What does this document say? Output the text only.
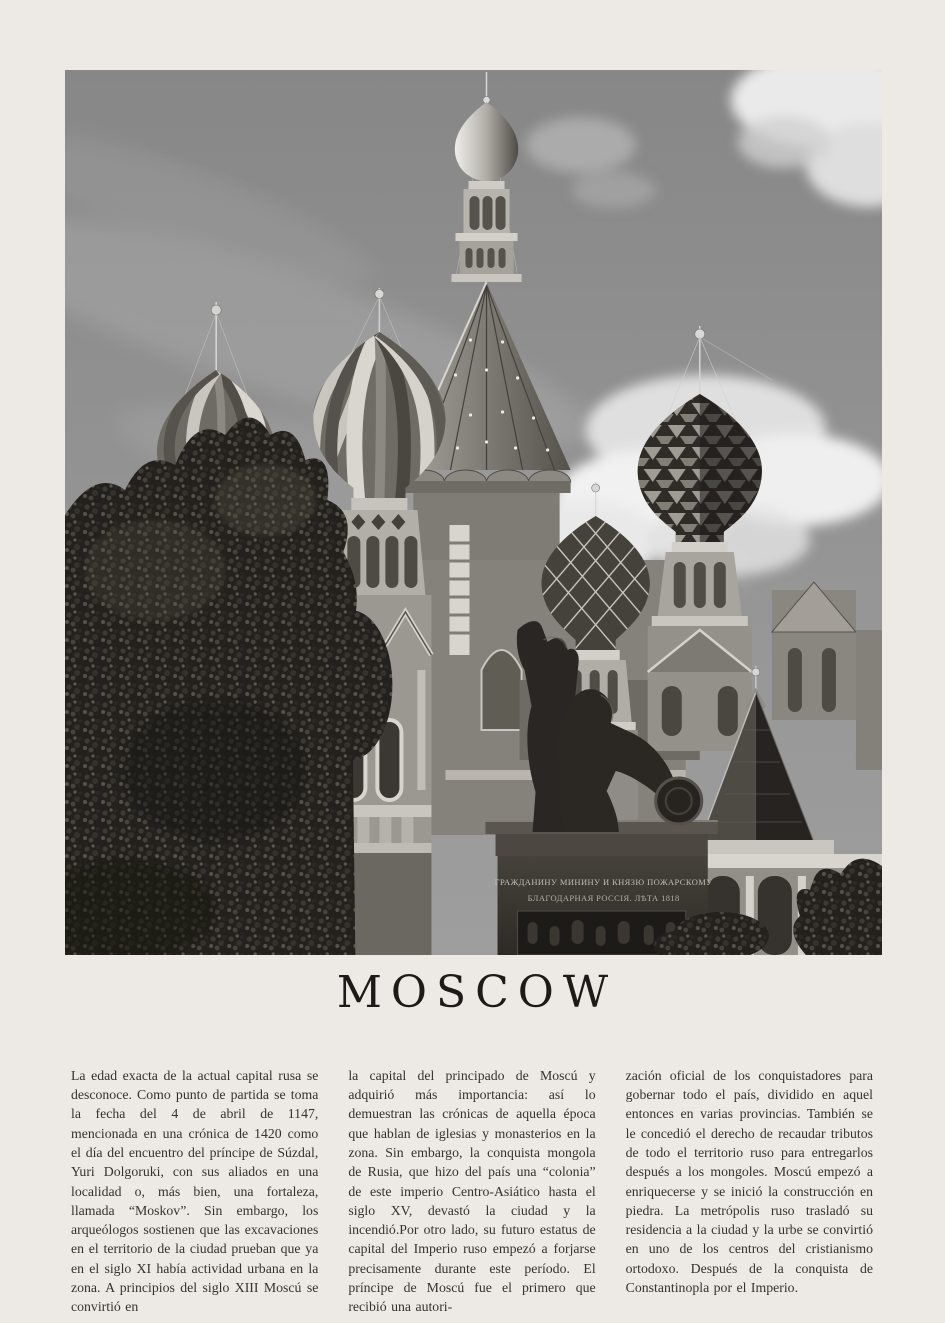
ГРАЖДАНИНУ МИНИНУ И КНЯЗЮ ПОЖАРСКОМУ
БЛАГОДАРНАЯ РОССІЯ. ЛѢТА 1818
MOSCOW

La edad exacta de la actual capital rusa se desconoce. Como punto de partida se toma la fecha del 4 de abril de 1147, mencionada en una crónica de 1420 como el día del encuentro del príncipe de Súzdal, Yuri Dolgoruki, con sus aliados en una localidad o, más bien, una fortaleza, llamada “Moskov”. Sin embargo, los arqueólogos sostienen que las excavaciones en el territorio de la ciudad prueban que ya en el siglo XI había actividad urbana en la zona. A principios del siglo XIII Moscú se convirtió en

la capital del principado de Moscú y adquirió más importancia: así lo demuestran las crónicas de aquella época que hablan de iglesias y monasterios en la zona. Sin embargo, la conquista mongola de Rusia, que hizo del país una “colonia” de este imperio Centro-Asiático hasta el siglo XV, devastó la ciudad y la incendió.Por otro lado, su futuro estatus de capital del Imperio ruso empezó a forjarse precisamente durante este período. El príncipe de Moscú fue el primero que recibió una autori-

zación oficial de los conquistadores para gobernar todo el país, dividido en aquel entonces en varias provincias. También se le concedió el derecho de recaudar tributos de todo el territorio ruso para entregarlos después a los mongoles. Moscú empezó a enriquecerse y se inició la construcción en piedra. La metrópolis ruso trasladó su residencia a la ciudad y la urbe se convirtió en uno de los centros del cristianismo ortodoxo. Después de la conquista de Constantinopla por el Imperio.
